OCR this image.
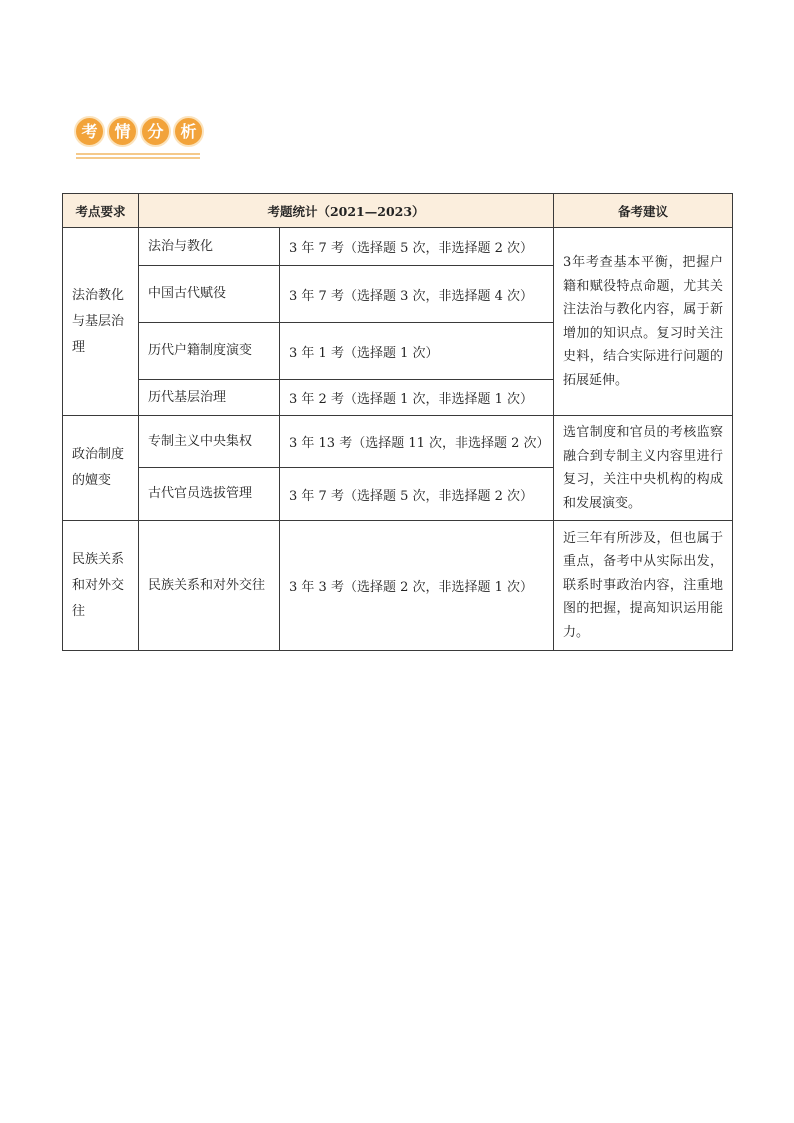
考	情	分	析
考点要求	考题统计（2021—2023）		备考建议
法治教化与基层治理	法治与教化	3 年 7 考（选择题 5 次，非选择题 2 次）	3年考查基本平衡，把握户籍和赋役特点命题，尤其关注法治与教化内容，属于新增加的知识点。复习时关注史料，结合实际进行问题的拓展延伸。
	中国古代赋役	3 年 7 考（选择题 3 次，非选择题 4 次）	
	历代户籍制度演变	3 年 1 考（选择题 1 次）	
	历代基层治理	3 年 2 考（选择题 1 次，非选择题 1 次）	
政治制度的嬗变	专制主义中央集权	3 年 13 考（选择题 11 次，非选择题 2 次）	选官制度和官员的考核监察融合到专制主义内容里进行复习，关注中央机构的构成和发展演变。
	古代官员选拔管理	3 年 7 考（选择题 5 次，非选择题 2 次）	
民族关系和对外交往	民族关系和对外交往	3 年 3 考（选择题 2 次，非选择题 1 次）	近三年有所涉及，但也属于重点，备考中从实际出发，联系时事政治内容，注重地图的把握，提高知识运用能力。
